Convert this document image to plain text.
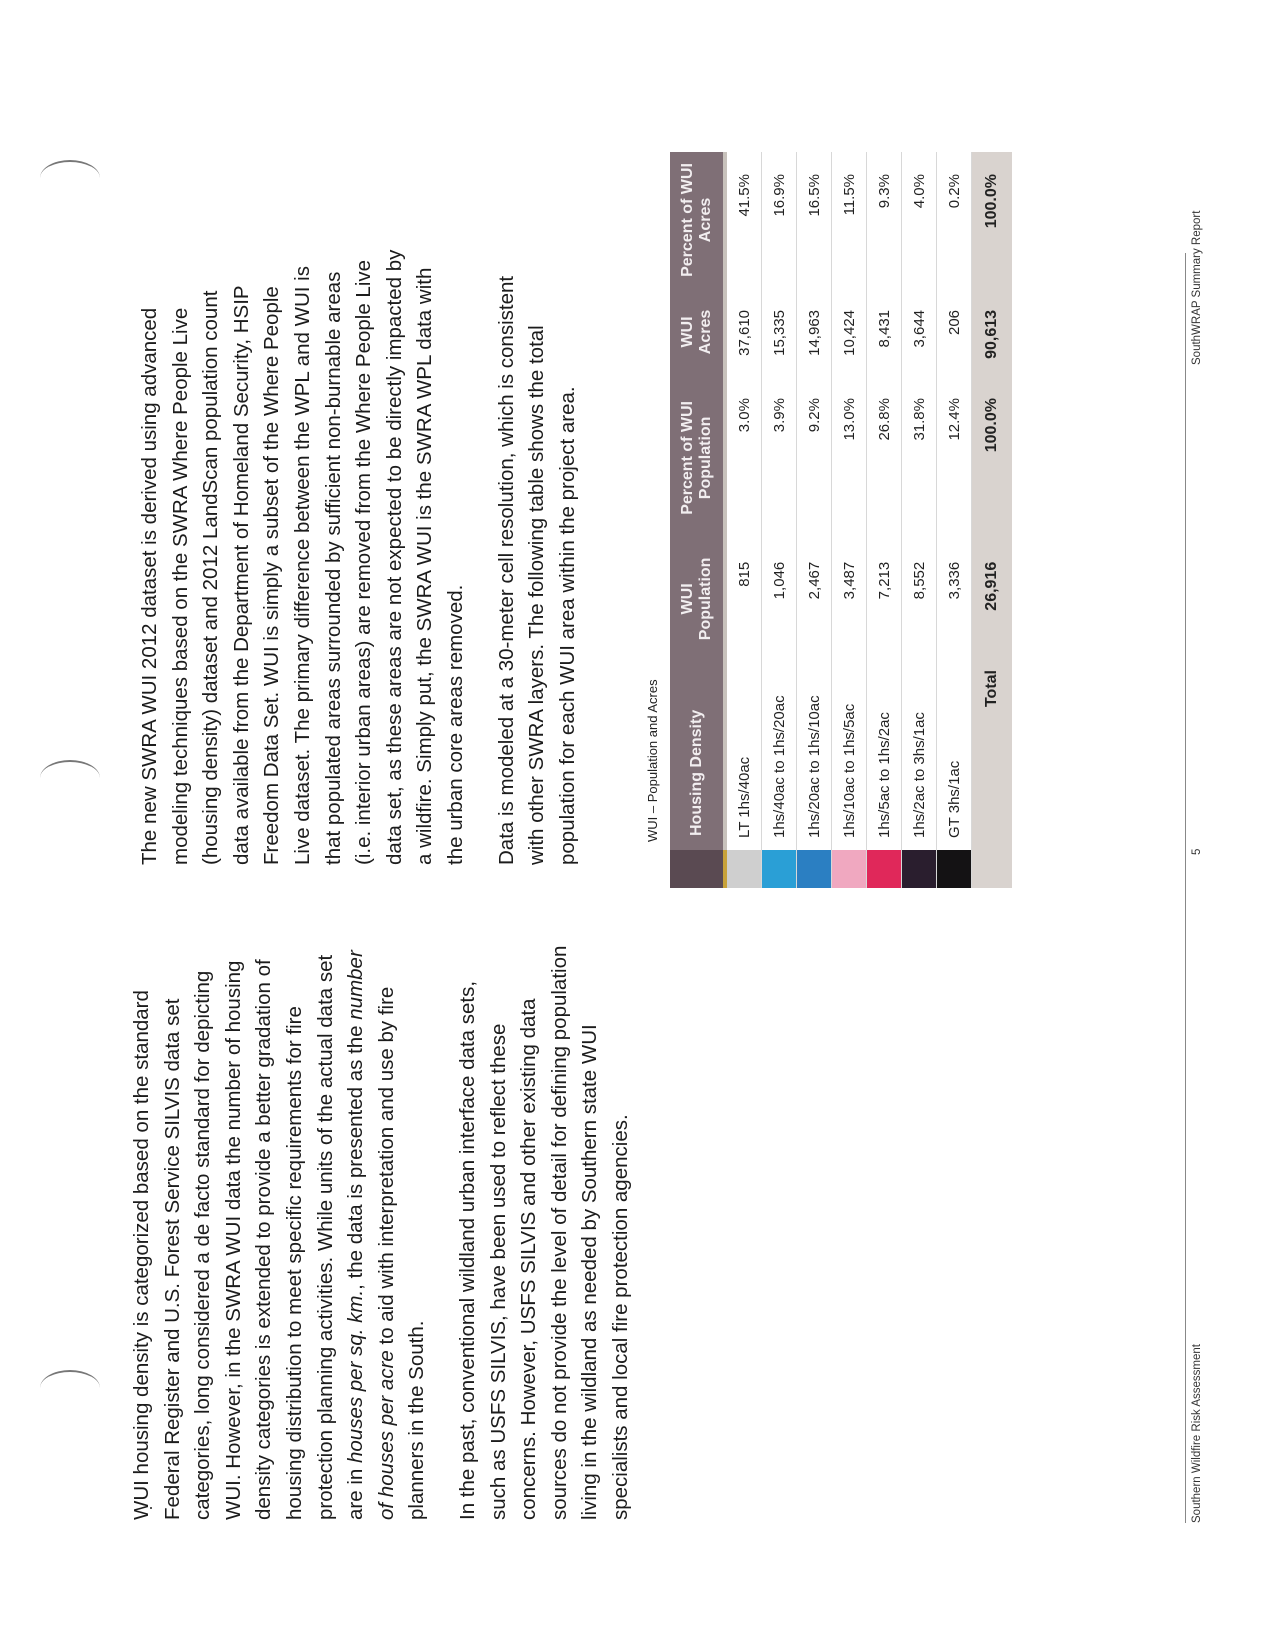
WUI housing density is categorized based on the standard Federal Register and U.S. Forest Service SILVIS data set categories, long considered a de facto standard for depicting WUI. However, in the SWRA WUI data the number of housing density categories is extended to provide a better gradation of housing distribution to meet specific requirements for fire protection planning activities. While units of the actual data set are in houses per sq. km., the data is presented as the number of houses per acre to aid with interpretation and use by fire planners in the South. In the past, conventional wildland urban interface data sets, such as USFS SILVIS, have been used to reflect these concerns. However, USFS SILVIS and other existing data sources do not provide the level of detail for defining population living in the wildland as needed by Southern state WUI specialists and local fire protection agencies.

The new SWRA WUI 2012 dataset is derived using advanced modeling techniques based on the SWRA Where People Live (housing density) dataset and 2012 LandScan population count data available from the Department of Homeland Security, HSIP Freedom Data Set. WUI is simply a subset of the Where People Live dataset. The primary difference between the WPL and WUI is that populated areas surrounded by sufficient non-burnable areas (i.e. interior urban areas) are removed from the Where People Live data set, as these areas are not expected to be directly impacted by a wildfire. Simply put, the SWRA WUI is the SWRA WPL data with the urban core areas removed. Data is modeled at a 30-meter cell resolution, which is consistent with other SWRA layers. The following table shows the total population for each WUI area within the project area.	WUI – Population and Acres
	Housing Density	WUI Population	Percent of WUI Population	WUI Acres	Percent of WUI Acres
	LT 1hs/40ac	815	3.0%	37,610	41.5%
	1hs/40ac to 1hs/20ac	1,046	3.9%	15,335	16.9%
	1hs/20ac to 1hs/10ac	2,467	9.2%	14,963	16.5%
	1hs/10ac to 1hs/5ac	3,487	13.0%	10,424	11.5%
	1hs/5ac to 1hs/2ac	7,213	26.8%	8,431	9.3%
	1hs/2ac to 3hs/1ac	8,552	31.8%	3,644	4.0%
	GT 3hs/1ac	3,336	12.4%	206	0.2%
	Total	26,916	100.0%	90,613	100.0%
Southern Wildfire Risk Assessment
5
SouthWRAP Summary Report
